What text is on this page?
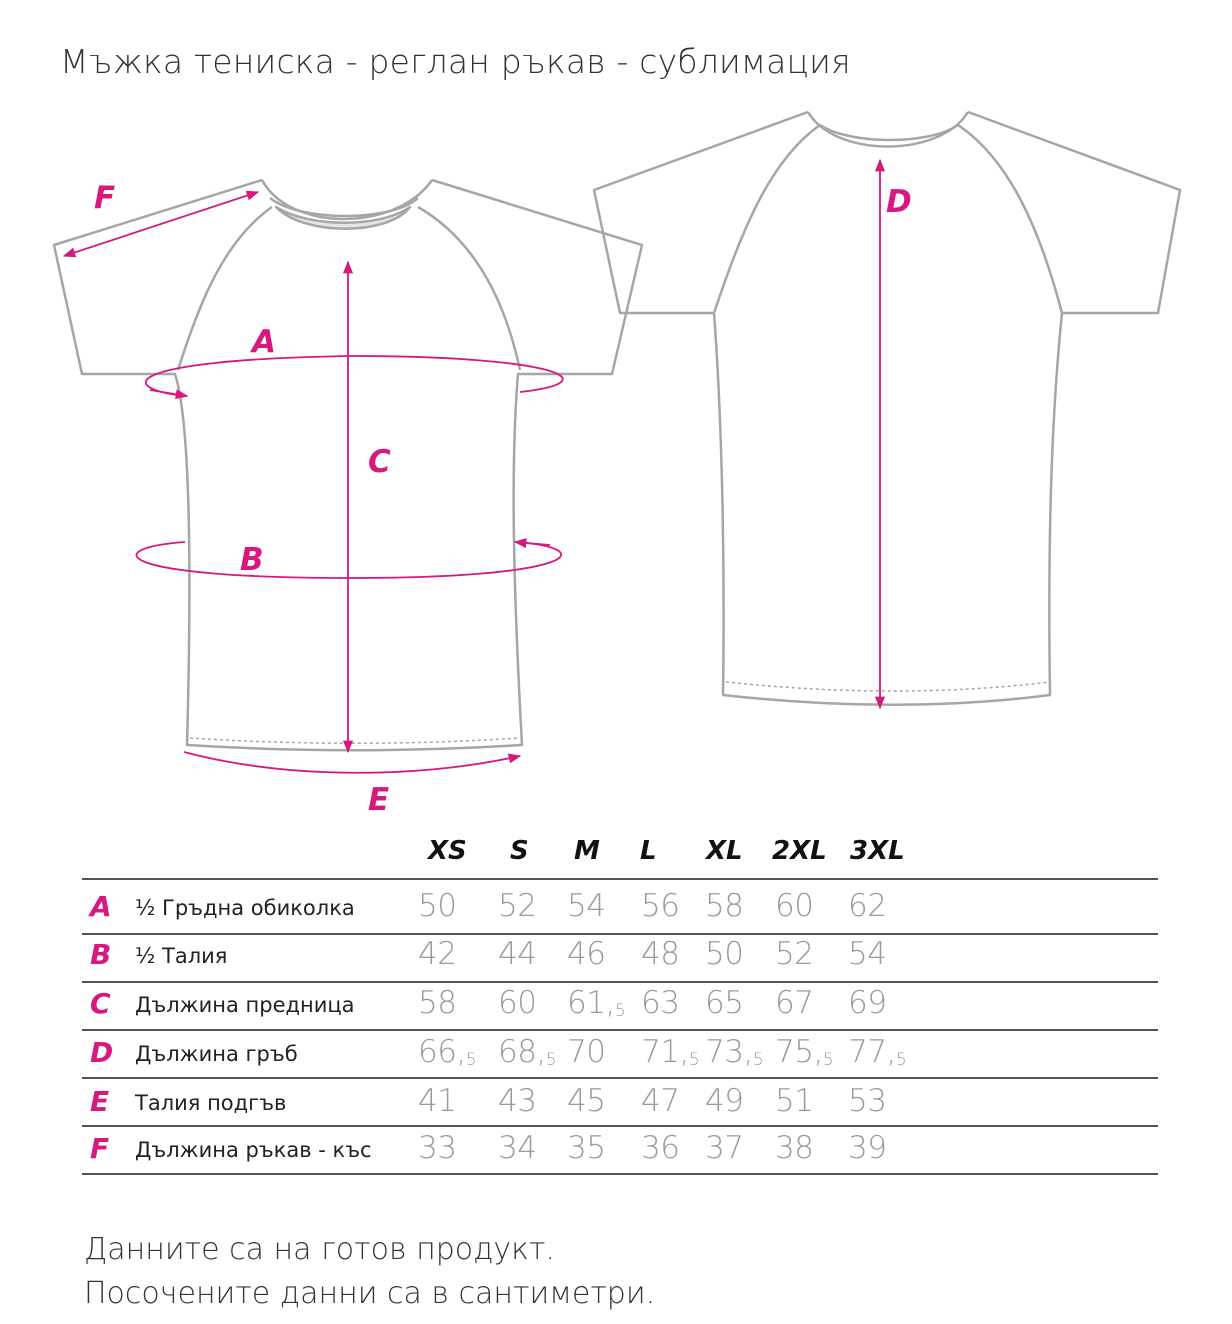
Мъжка тениска - реглан ръкав - сублимация
A
B
C
D
E
F
XS S M L XL 2XL 3XL
A ½ Гръдна обиколка 50 52 54 56 58 60 62
B ½ Талия	42 44 46 48 50 52 54
C Дължина предница 58 60 $61,_5$ 63 65 67 69
D Дължина гръб	$66,_5$ $68,_5$ 70 $71,_5$ $73,_5$ $75,_5$ $77,_5$
E Талия подгъв	41 43 45 47 49 51 53
F Дължина ръкав - къс 33 34 35 36 37 38 39
Данните са на готов продукт.
Посочените данни са в сантиметри.
